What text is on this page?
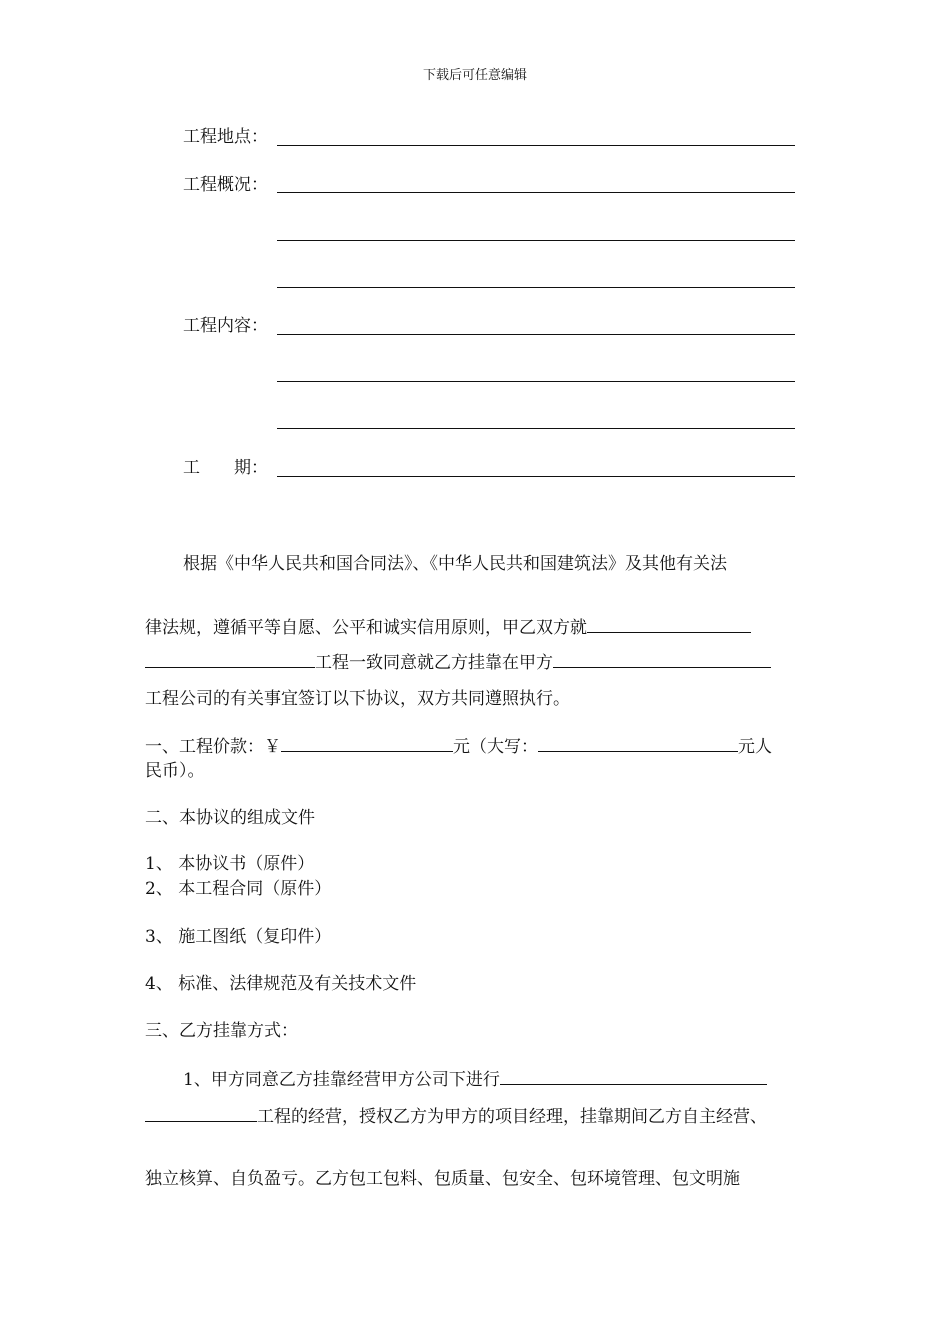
下载后可任意编辑
工程地点：
工程概况：
工程内容：
工　　期：
根据《中华人民共和国合同法》、《中华人民共和国建筑法》及其他有关法
律法规，遵循平等自愿、公平和诚实信用原则，甲乙双方就
工程一致同意就乙方挂靠在甲方
工程公司的有关事宜签订以下协议，双方共同遵照执行。
一、工程价款：￥	元（大写：	元人
民币）。
二、本协议的组成文件
1、 本协议书（原件）
2、 本工程合同（原件）
3、 施工图纸（复印件）
4、 标准、法律规范及有关技术文件
三、乙方挂靠方式：
1、甲方同意乙方挂靠经营甲方公司下进行
工程的经营，授权乙方为甲方的项目经理，挂靠期间乙方自主经营、
独立核算、自负盈亏。乙方包工包料、包质量、包安全、包环境管理、包文明施
